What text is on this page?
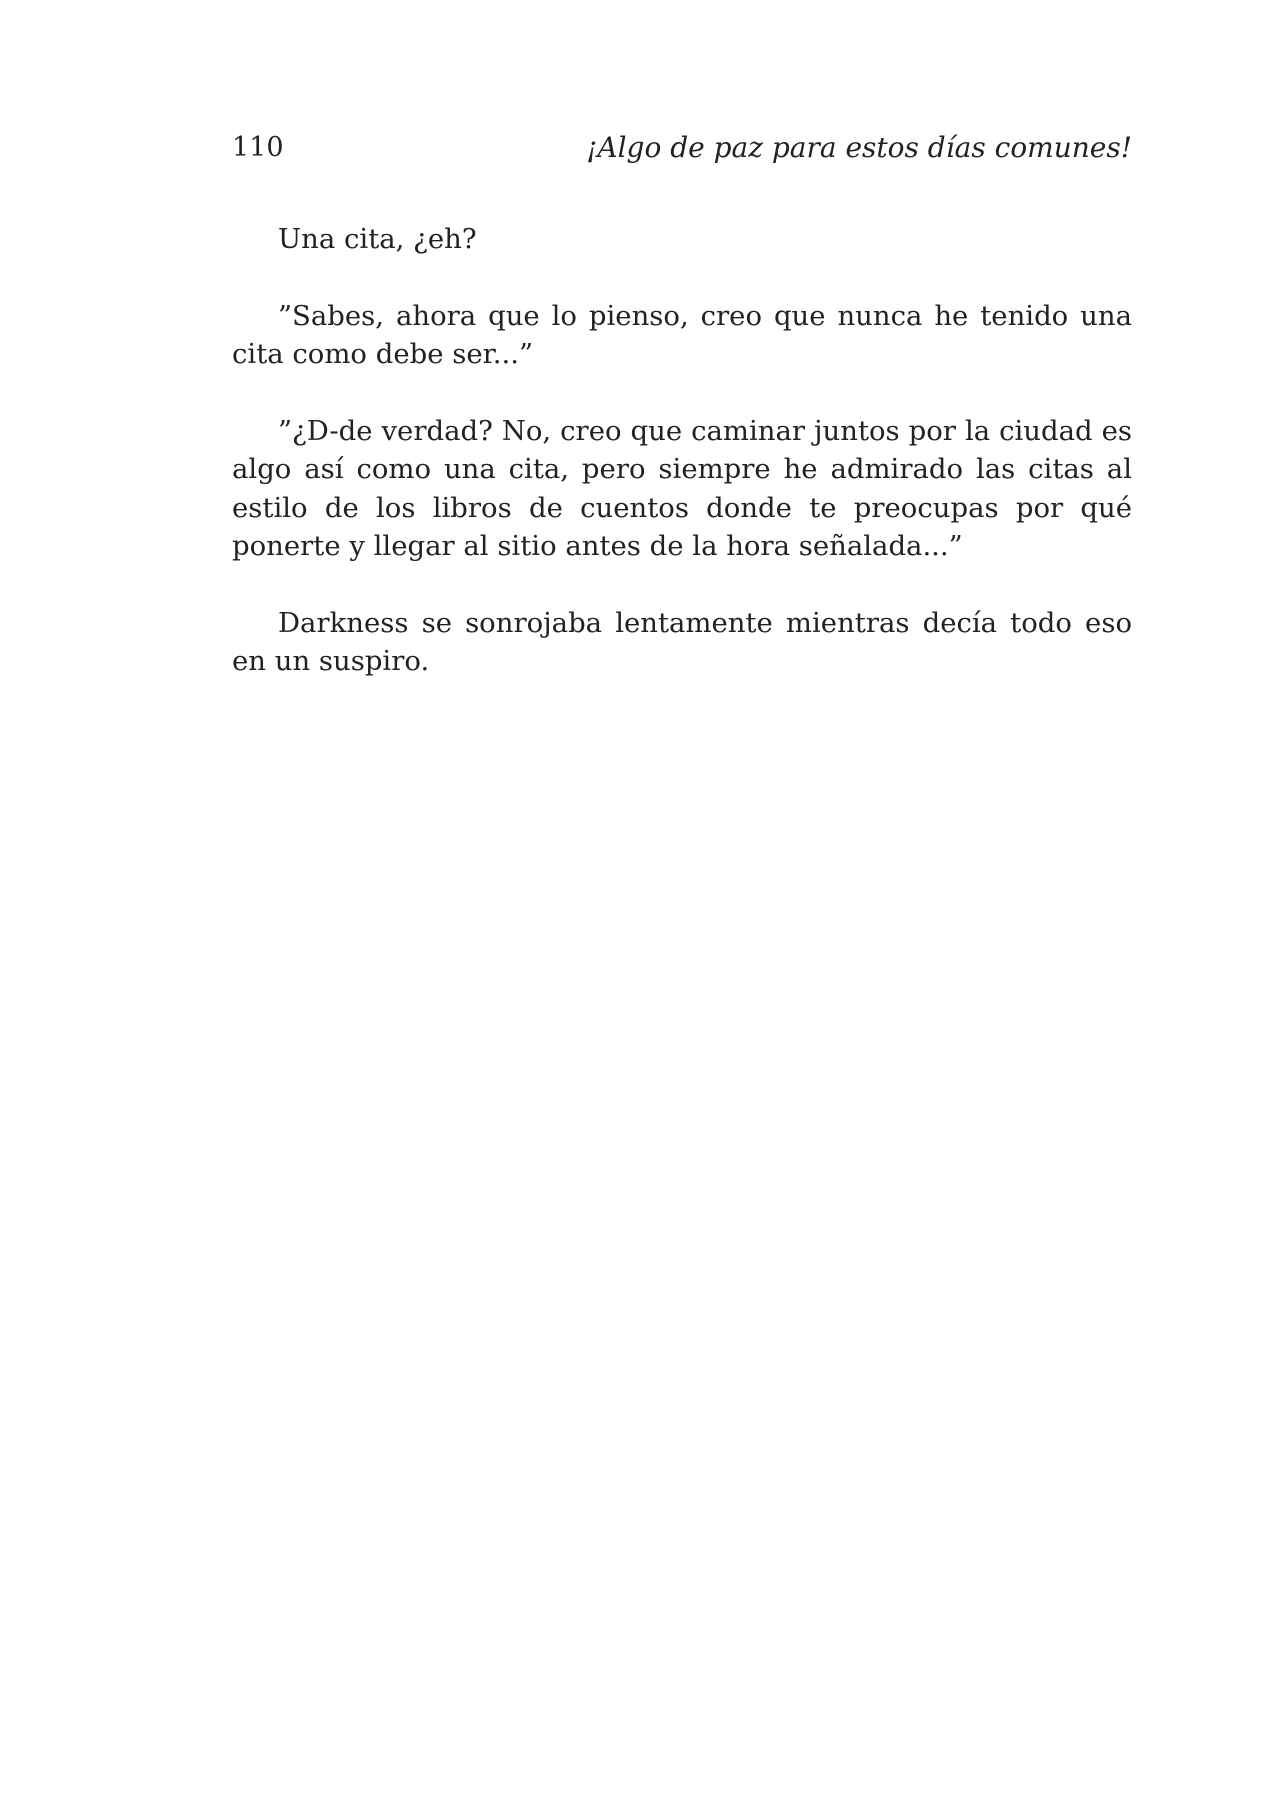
110	¡Algo de paz para estos días comunes!

Una cita, ¿eh?

”Sabes, ahora que lo pienso, creo que nunca he tenido una cita como debe ser...”

”¿D-de verdad? No, creo que caminar juntos por la ciudad es algo así como una cita, pero siempre he admirado las citas al estilo de los libros de cuentos donde te preocupas por qué ponerte y llegar al sitio antes de la hora señalada...”

Darkness se sonrojaba lentamente mientras decía todo eso en un suspiro.
